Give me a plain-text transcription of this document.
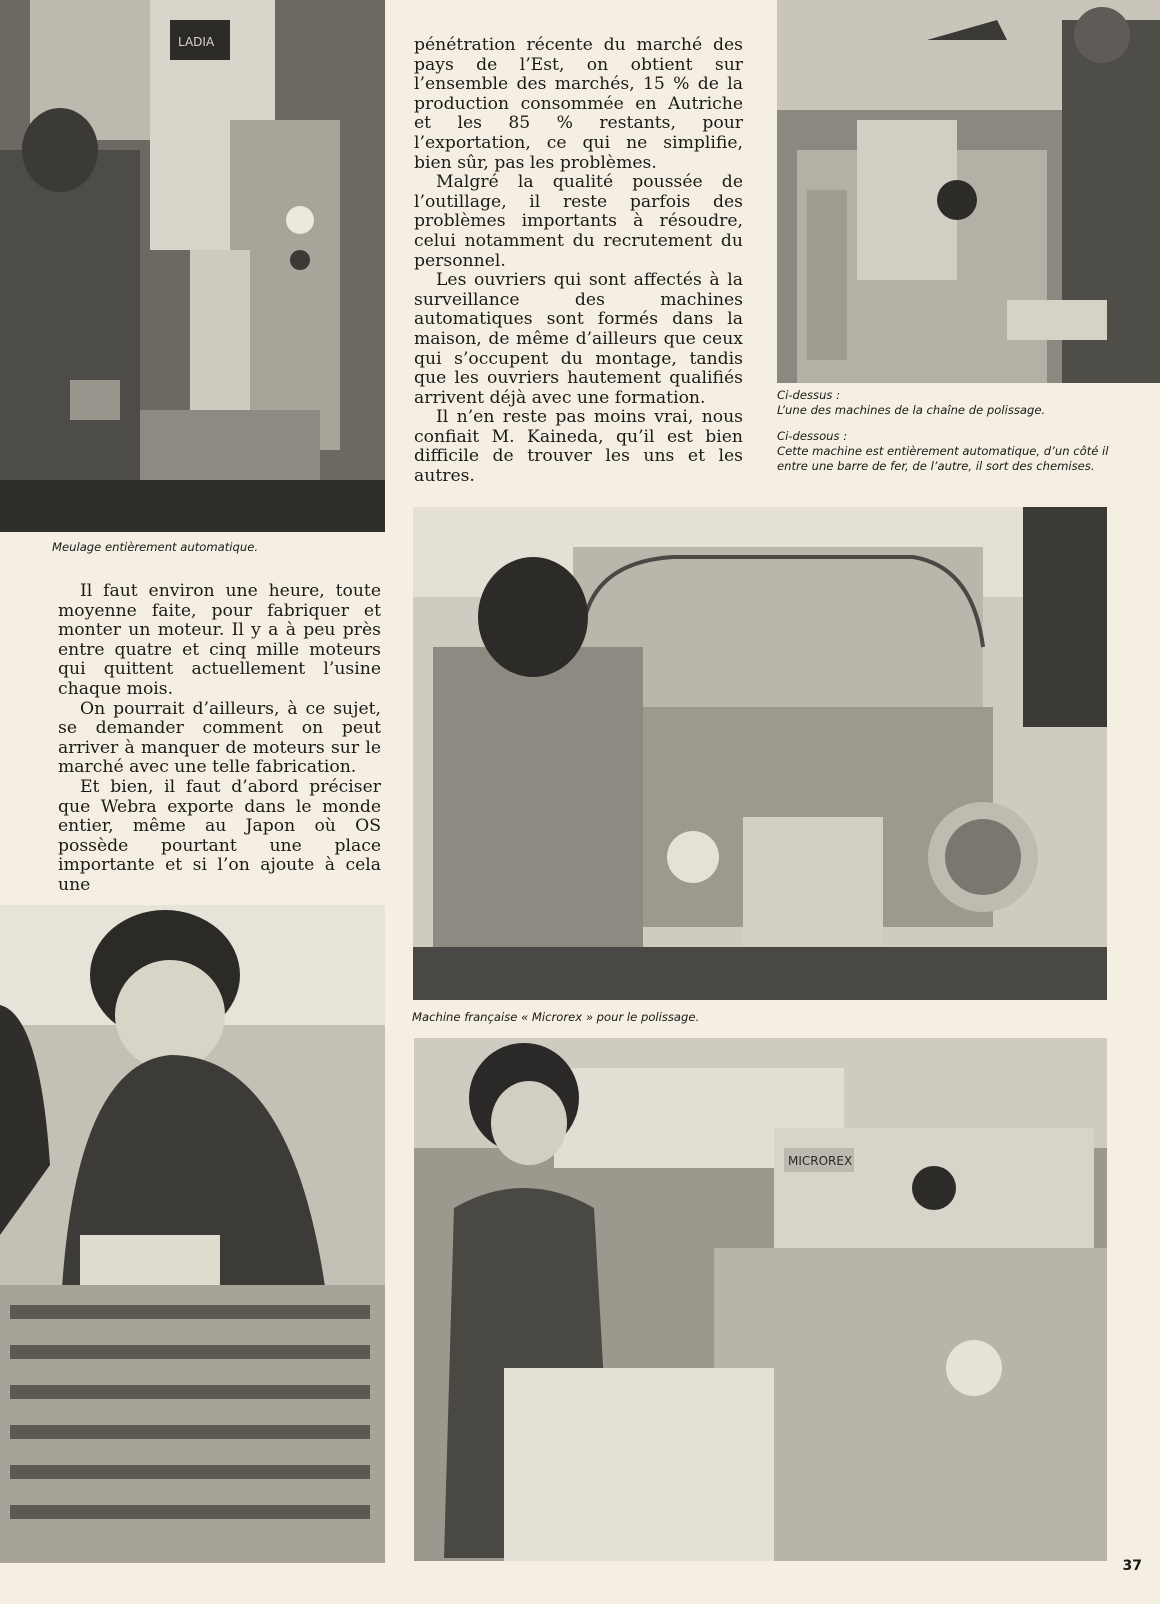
LADIA
Meulage entièrement automatique.
Ci-dessus :
L’une des machines de la chaîne de polissage.
Ci-dessous :
Cette machine est entièrement automatique, d’un côté il entre une barre de fer, de l’autre, il sort des chemises.

pénétration récente du marché des pays de l’Est, on obtient sur l’ensemble des marchés, 15 % de la production consommée en Autriche et les 85 % restants, pour l’exportation, ce qui ne simplifie, bien sûr, pas les problèmes.

Malgré la qualité poussée de l’outillage, il reste parfois des problèmes importants à résoudre, celui notamment du recrutement du personnel.

Les ouvriers qui sont affectés à la surveillance des machines automatiques sont formés dans la maison, de même d’ailleurs que ceux qui s’occupent du montage, tandis que les ouvriers hautement qualifiés arrivent déjà avec une formation.

Il n’en reste pas moins vrai, nous confiait M. Kaineda, qu’il est bien difficile de trouver les uns et les autres.

Il faut environ une heure, toute moyenne faite, pour fabriquer et monter un moteur. Il y a à peu près entre quatre et cinq mille moteurs qui quittent actuellement l’usine chaque mois.

On pourrait d’ailleurs, à ce sujet, se demander comment on peut arriver à manquer de moteurs sur le marché avec une telle fabrication.

Et bien, il faut d’abord préciser que Webra exporte dans le monde entier, même au Japon où OS possède pourtant une place importante et si l’on ajoute à cela une

Machine française « Microrex » pour le polissage.
MICROREX
37
